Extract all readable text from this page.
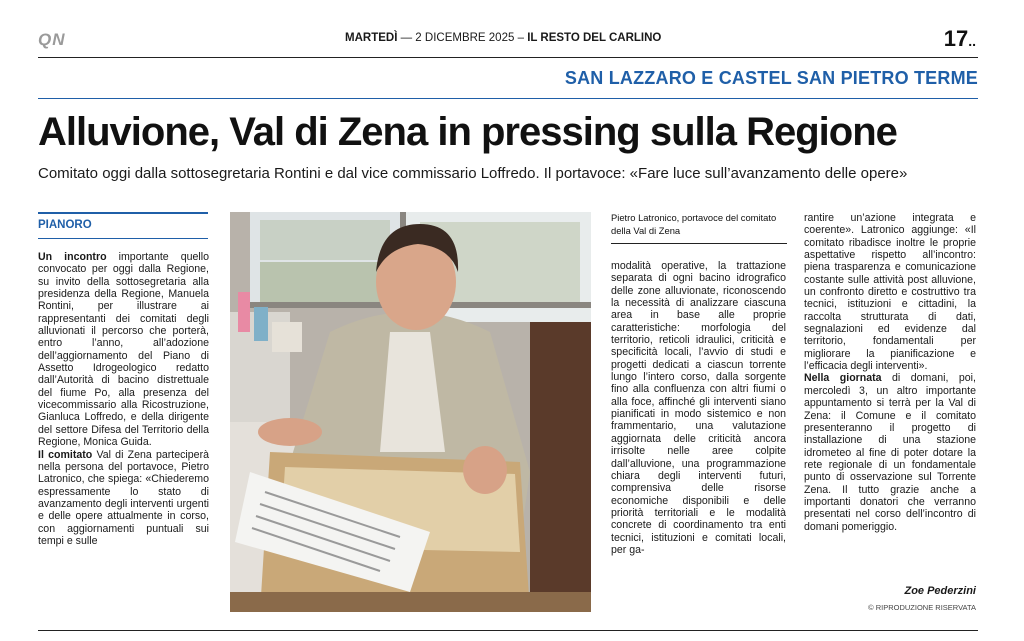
QN	MARTEDÌ — 2 DICEMBRE 2025 – IL RESTO DEL CARLINO	17..
SAN LAZZARO E CASTEL SAN PIETRO TERME
Alluvione, Val di Zena in pressing sulla Regione
Comitato oggi dalla sottosegretaria Rontini e dal vice commissario Loffredo. Il portavoce: «Fare luce sull’avanzamento delle opere»
PIANORO

Un incontro importante quello convocato per oggi dalla Regione, su invito della sottosegretaria alla presidenza della Regione, Manuela Rontini, per illustrare ai rappresentanti dei comitati degli alluvionati il percorso che porterà, entro l’anno, all’adozione dell’aggiornamento del Piano di Assetto Idrogeologico redatto dall’Autorità di bacino distrettuale del fiume Po, alla presenza del vicecommissario alla Ricostruzione, Gianluca Loffredo, e della dirigente del settore Difesa del Territorio della Regione, Monica Guida.

Il comitato Val di Zena parteciperà nella persona del portavoce, Pietro Latronico, che spiega: «Chiederemo espressamente lo stato di avanzamento degli interventi urgenti e delle opere attualmente in corso, con aggiornamenti puntuali sui tempi e sulle

Pietro Latronico, portavoce del comitato della Val di Zena

modalità operative, la trattazione separata di ogni bacino idrografico delle zone alluvionate, riconoscendo la necessità di analizzare ciascuna area in base alle proprie caratteristiche: morfologia del territorio, reticoli idraulici, criticità e specificità locali, l’avvio di studi e progetti dedicati a ciascun torrente lungo l’intero corso, dalla sorgente fino alla confluenza con altri fiumi o alla foce, affinché gli interventi siano pianificati in modo sistemico e non frammentario, una valutazione aggiornata delle criticità ancora irrisolte nelle aree colpite dall’alluvione, una programmazione chiara degli interventi futuri, comprensiva delle risorse economiche disponibili e delle priorità territoriali e le modalità concrete di coordinamento tra enti tecnici, istituzioni e comitati locali, per ga-

rantire un’azione integrata e coerente». Latronico aggiunge: «Il comitato ribadisce inoltre le proprie aspettative rispetto all’incontro: piena trasparenza e comunicazione costante sulle attività post alluvione, un confronto diretto e costruttivo tra tecnici, istituzioni e cittadini, la raccolta strutturata di dati, segnalazioni ed evidenze dal territorio, fondamentali per migliorare la pianificazione e l’efficacia degli interventi».

Nella giornata di domani, poi, mercoledì 3, un altro importante appuntamento si terrà per la Val di Zena: il Comune e il comitato presenteranno il progetto di installazione di una stazione idrometeo al fine di poter dotare la rete regionale di un fondamentale punto di osservazione sul Torrente Zena. Il tutto grazie anche a importanti donatori che verranno presentati nel corso dell’incontro di domani pomeriggio.

Zoe Pederzini
© RIPRODUZIONE RISERVATA
